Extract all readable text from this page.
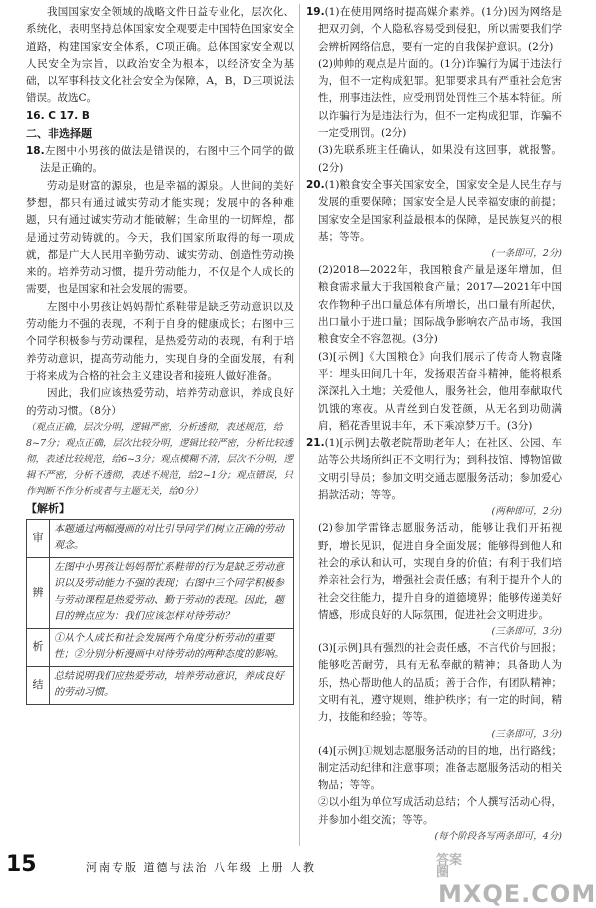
我国国家安全领域的战略文件日益专业化，层次化、系统化，表明坚持总体国家安全观要走中国特色国家安全道路，构建国家安全体系，C项正确。总体国家安全观以人民安全为宗旨，以政治安全为根本，以经济安全为基础，以军事科技文化社会安全为保障，A，B，D三项说法错误。故选C。

16. C 17. B

二、非选择题

18.左图中小男孩的做法是错误的，右图中三个同学的做法是正确的。

劳动是财富的源泉，也是幸福的源泉。人世间的美好梦想，都只有通过诚实劳动才能实现；发展中的各种难题，只有通过诚实劳动才能破解；生命里的一切辉煌，都是通过劳动铸就的。今天，我们国家所取得的每一项成就，都是广大人民用辛勤劳动、诚实劳动、创造性劳动换来的。培养劳动习惯，提升劳动能力，不仅是个人成长的需要，也是国家和社会发展的需要。

左图中小男孩让妈妈帮忙系鞋带是缺乏劳动意识以及劳动能力不强的表现，不利于自身的健康成长；右图中三个同学积极参与劳动课程，是热爱劳动的表现，有利于培养劳动意识，提高劳动能力，实现自身的全面发展，有利于将来成为合格的社会主义建设者和接班人做好准备。

因此，我们应该热爱劳动，培养劳动意识，养成良好的劳动习惯。（8分）

（观点正确，层次分明，逻辑严密，分析透彻，表述规范，给8~7分；观点正确，层次比较分明，逻辑比较严密，分析比较透彻，表述比较规范，给6~3分；观点模糊不清，层次不分明，逻辑不严密，分析不透彻，表述不规范，给2~1分；观点错误，只作判断不作分析或者与主题无关，给0分）

【解析】

审	本题通过两幅漫画的对比引导同学们树立正确的劳动观念。
辨	左图中小男孩让妈妈帮忙系鞋带的行为是缺乏劳动意识以及劳动能力不强的表现；右图中三个同学积极参与劳动课程是热爱劳动、勤于劳动的表现。因此，题目的辨点应为：我们应该怎样对待劳动？
析	①从个人成长和社会发展两个角度分析劳动的重要性；②分别分析漫画中对待劳动的两种态度的影响。
结	总结说明我们应热爱劳动，培养劳动意识，养成良好的劳动习惯。

19.(1)在使用网络时提高媒介素养。(1分)因为网络是把双刃剑，个人隐私容易受到侵犯，所以需要我们学会辨析网络信息，要有一定的自我保护意识。(2分)

(2)帅帅的观点是片面的。(1分)诈骗行为属于违法行为，但不一定构成犯罪。犯罪要求具有严重社会危害性，刑事违法性，应受刑罚处罚性三个基本特征。所以诈骗行为是违法行为，但不一定构成犯罪，诈骗不一定受刑罚。(2分)

(3)先联系班主任确认，如果没有这回事，就报警。(2分)

20.(1)粮食安全事关国家安全，国家安全是人民生存与发展的重要保障；国家安全是人民幸福安康的前提；国家安全是国家利益最根本的保障，是民族复兴的根基；等等。

(一条即可，2分)

(2)2018—2022年，我国粮食产量是逐年增加，但粮食需求量大于我国粮食产量；2017—2021年中国农作物种子出口量总体有所增长，出口量有所起伏，出口量小于进口量；国际战争影响农产品市场，我国粮食安全不容忽视。(3分)

(3)[示例]《大国粮仓》向我们展示了传奇人物袁隆平：埋头田间几十年，发扬艰苦奋斗精神，能将根系深深扎入土地；关爱他人，服务社会，他用奉献取代饥饿的寒夜。从青丝到白发苍颜，从无名到功勋满肩，稻花香里说丰年，禾下乘凉梦万千。(3分)

21.(1)[示例]去敬老院帮助老年人；在社区、公园、车站等公共场所纠正不文明行为；到科技馆、博物馆做文明引导员；参加文明交通志愿服务活动；参加爱心捐款活动；等等。

(两种即可，2分)

(2)参加学雷锋志愿服务活动，能够让我们开拓视野，增长见识，促进自身全面发展；能够得到他人和社会的承认和认可，实现自身的价值；有利于我们培养亲社会行为，增强社会责任感；有利于提升个人的社会交往能力，提升自身的道德境界；能够传递美好情感，形成良好的人际氛围，促进社会文明进步。

(三条即可，3分)

(3)[示例]具有强烈的社会责任感，不言代价与回报；能够吃苦耐劳，具有无私奉献的精神；具备助人为乐，热心帮助他人的品质；善于合作，有团队精神；文明有礼，遵守规则，维护秩序；有一定的时间，精力，技能和经验；等等。

(三条即可，3分)

(4)[示例]①规划志愿服务活动的目的地，出行路线；制定活动纪律和注意事项；准备志愿服务活动的相关物品；等等。

②以小组为单位写成活动总结；个人撰写活动心得，并参加小组交流；等等。

(每个阶段各写两条即可，4分)

15	河南专版 道德与法治 八年级 上册 人教	答案圈MXQE.COM
